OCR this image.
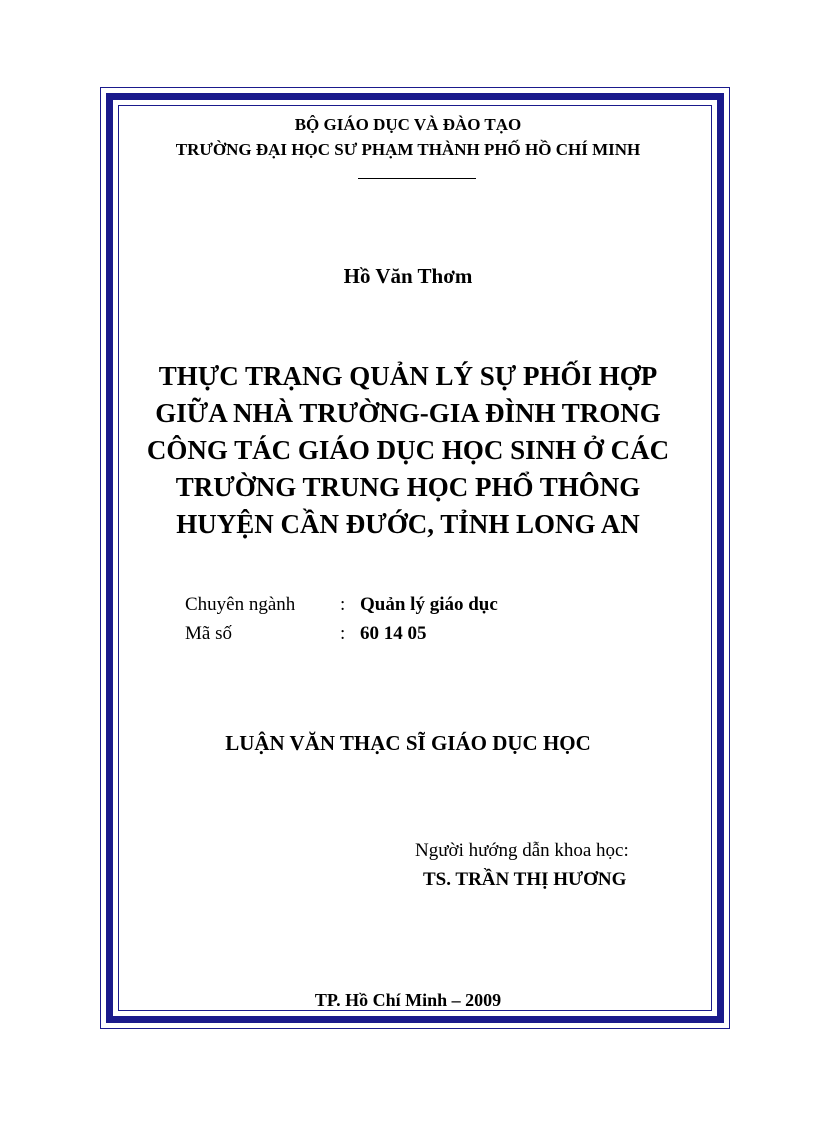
BỘ GIÁO DỤC VÀ ĐÀO TẠO
TRƯỜNG ĐẠI HỌC SƯ PHẠM THÀNH PHỐ HỒ CHÍ MINH
Hồ Văn Thơm
THỰC TRẠNG QUẢN LÝ SỰ PHỐI HỢP
GIỮA NHÀ TRƯỜNG-GIA ĐÌNH TRONG
CÔNG TÁC GIÁO DỤC HỌC SINH Ở CÁC
TRƯỜNG TRUNG HỌC PHỔ THÔNG
HUYỆN CẦN ĐƯỚC, TỈNH LONG AN
Chuyên ngành : Quản lý giáo dục
Mã số	: 60 14 05
LUẬN VĂN THẠC SĨ GIÁO DỤC HỌC
Người hướng dẫn khoa học:
TS. TRẦN THỊ HƯƠNG
TP. Hồ Chí Minh – 2009
